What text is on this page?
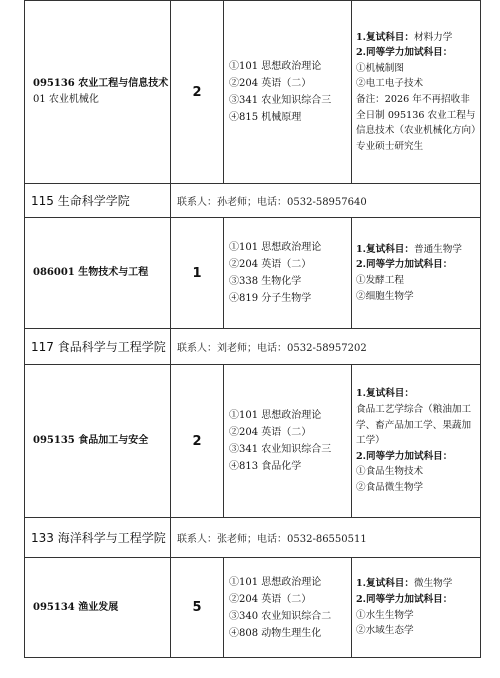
095136 农业工程与信息技术
01 农业机械化	2	①101 思想政治理论
②204 英语（二）
③341 农业知识综合三
④815 机械原理	1.复试科目：材料力学
2.同等学力加试科目：
①机械制图
②电工电子技术
备注：2026 年不再招收非全日制 095136 农业工程与信息技术（农业机械化方向）专业硕士研究生

115 生命科学学院	联系人：孙老师；电话：0532-58957640		

086001 生物技术与工程	1	①101 思想政治理论
②204 英语（二）
③338 生物化学
④819 分子生物学	1.复试科目：普通生物学
2.同等学力加试科目：
①发酵工程
②细胞生物学

117 食品科学与工程学院	联系人：刘老师；电话：0532-58957202		

095135 食品加工与安全	2	①101 思想政治理论
②204 英语（二）
③341 农业知识综合三
④813 食品化学	1.复试科目：
食品工艺学综合（粮油加工学、畜产品加工学、果蔬加工学）
2.同等学力加试科目：
①食品生物技术
②食品微生物学

133 海洋科学与工程学院	联系人：张老师；电话：0532-86550511		

095134 渔业发展	5	①101 思想政治理论
②204 英语（二）
③340 农业知识综合二
④808 动物生理生化	1.复试科目：微生物学
2.同等学力加试科目：
①水生生物学
②水域生态学
